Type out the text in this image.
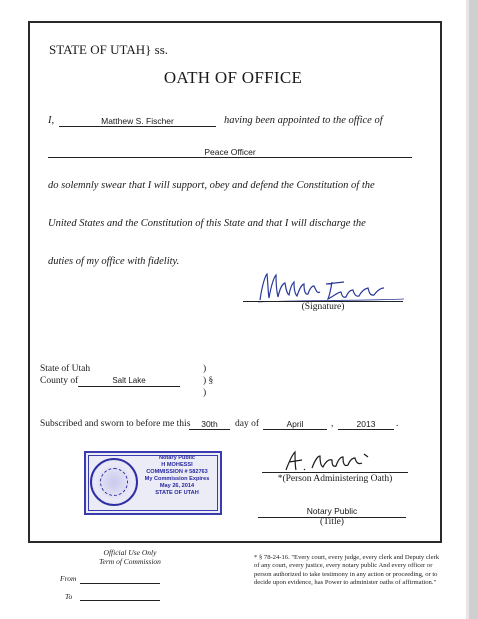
STATE OF UTAH} ss.
OATH OF OFFICE
I,	Matthew S. Fischer	having been appointed to the office of
Peace Officer
do solemnly swear that I will support, obey and defend the Constitution of the
United States and the Constitution of this State and that I will discharge the
duties of my office with fidelity.
(Signature)
State of Utah
County of	Salt Lake
)
) §
)
Subscribed and sworn to before me this	30th	day of	April	,	2013	.
Notary Public
H MOHESSI
COMMISSION # 582763
My Commission Expires
May 26, 2014
STATE OF UTAH
*(Person Administering Oath)
Notary Public
(Title)
Official Use Only
Term of Commission
From
To
* § 78-24-16. "Every court, every judge, every clerk and Deputy clerk of any court, every justice, every notary public And every officer or person authorized to take testimony in any action or proceeding, or to decide upon evidence, has Power to administer oaths of affirmation."
